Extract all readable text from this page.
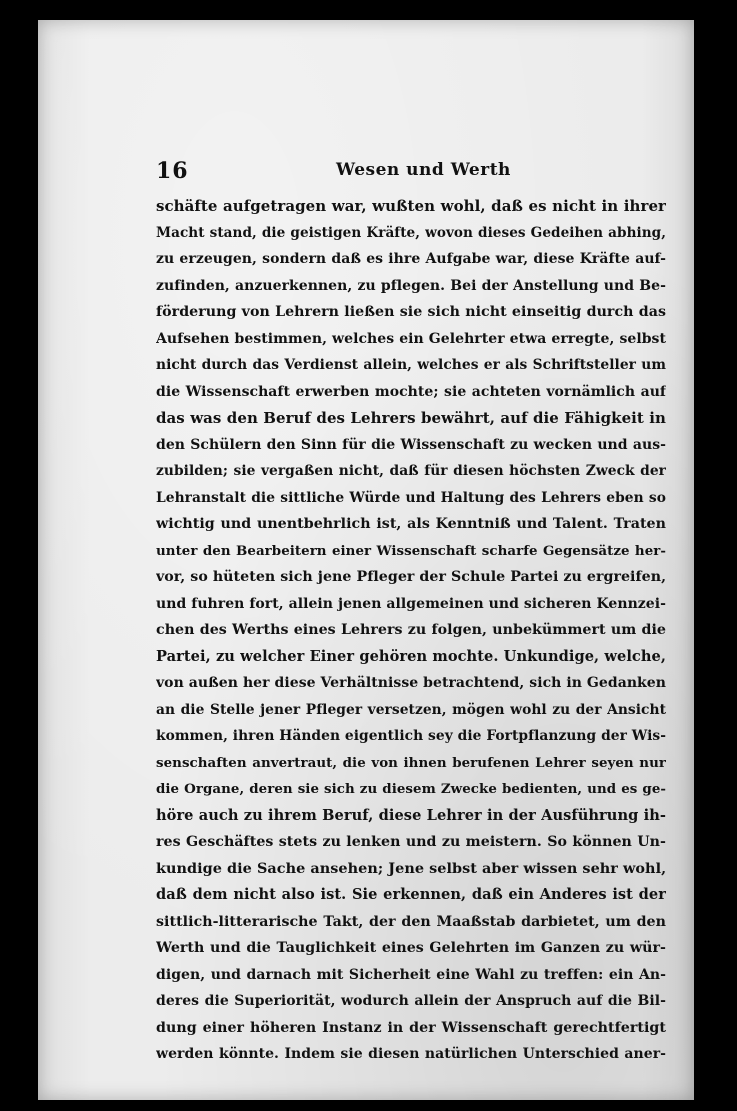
16	Wesen und Werth
schäfte aufgetragen war, wußten wohl, daß es nicht in ihrer
Macht stand, die geistigen Kräfte, wovon dieses Gedeihen abhing,
zu erzeugen, sondern daß es ihre Aufgabe war, diese Kräfte auf-
zufinden, anzuerkennen, zu pflegen. Bei der Anstellung und Be-
förderung von Lehrern ließen sie sich nicht einseitig durch das
Aufsehen bestimmen, welches ein Gelehrter etwa erregte, selbst
nicht durch das Verdienst allein, welches er als Schriftsteller um
die Wissenschaft erwerben mochte; sie achteten vornämlich auf
das was den Beruf des Lehrers bewährt, auf die Fähigkeit in
den Schülern den Sinn für die Wissenschaft zu wecken und aus-
zubilden; sie vergaßen nicht, daß für diesen höchsten Zweck der
Lehranstalt die sittliche Würde und Haltung des Lehrers eben so
wichtig und unentbehrlich ist, als Kenntniß und Talent. Traten
unter den Bearbeitern einer Wissenschaft scharfe Gegensätze her-
vor, so hüteten sich jene Pfleger der Schule Partei zu ergreifen,
und fuhren fort, allein jenen allgemeinen und sicheren Kennzei-
chen des Werths eines Lehrers zu folgen, unbekümmert um die
Partei, zu welcher Einer gehören mochte. Unkundige, welche,
von außen her diese Verhältnisse betrachtend, sich in Gedanken
an die Stelle jener Pfleger versetzen, mögen wohl zu der Ansicht
kommen, ihren Händen eigentlich sey die Fortpflanzung der Wis-
senschaften anvertraut, die von ihnen berufenen Lehrer seyen nur
die Organe, deren sie sich zu diesem Zwecke bedienten, und es ge-
höre auch zu ihrem Beruf, diese Lehrer in der Ausführung ih-
res Geschäftes stets zu lenken und zu meistern. So können Un-
kundige die Sache ansehen; Jene selbst aber wissen sehr wohl,
daß dem nicht also ist. Sie erkennen, daß ein Anderes ist der
sittlich-litterarische Takt, der den Maaßstab darbietet, um den
Werth und die Tauglichkeit eines Gelehrten im Ganzen zu wür-
digen, und darnach mit Sicherheit eine Wahl zu treffen: ein An-
deres die Superiorität, wodurch allein der Anspruch auf die Bil-
dung einer höheren Instanz in der Wissenschaft gerechtfertigt
werden könnte. Indem sie diesen natürlichen Unterschied aner-
